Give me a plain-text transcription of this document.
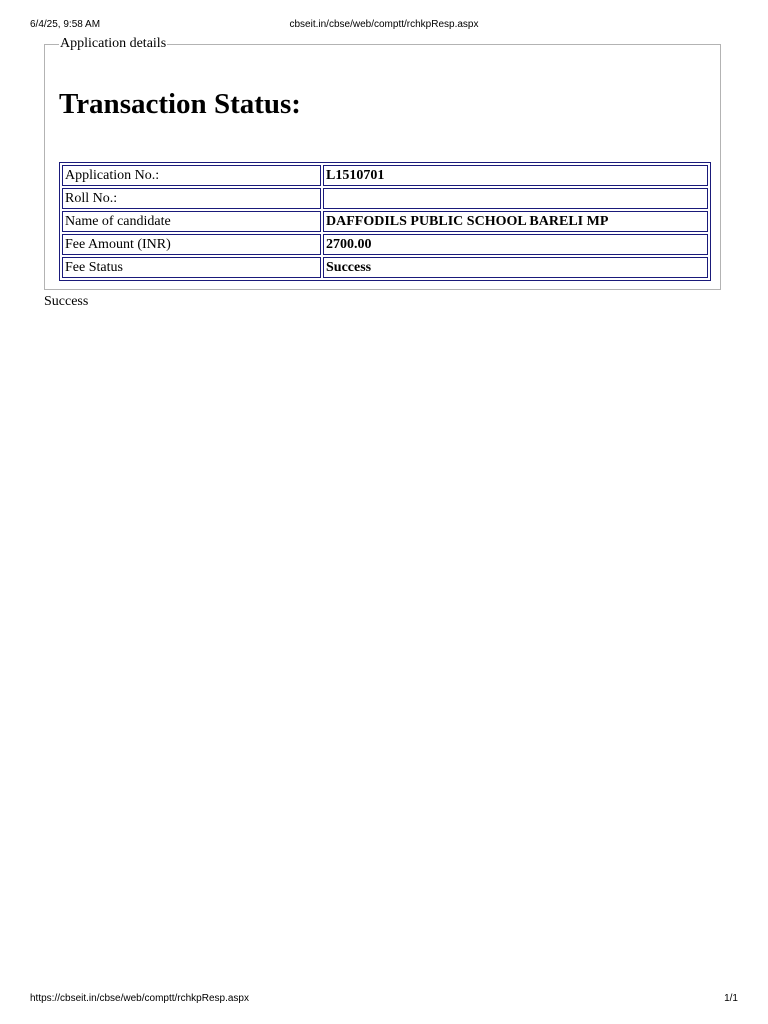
6/4/25, 9:58 AM	cbseit.in/cbse/web/comptt/rchkpResp.aspx
Application details
Transaction Status:
Application No.:	L1510701
Roll No.:	
Name of candidate	DAFFODILS PUBLIC SCHOOL BARELI MP
Fee Amount (INR)	2700.00
Fee Status	Success
Success
https://cbseit.in/cbse/web/comptt/rchkpResp.aspx	1/1
